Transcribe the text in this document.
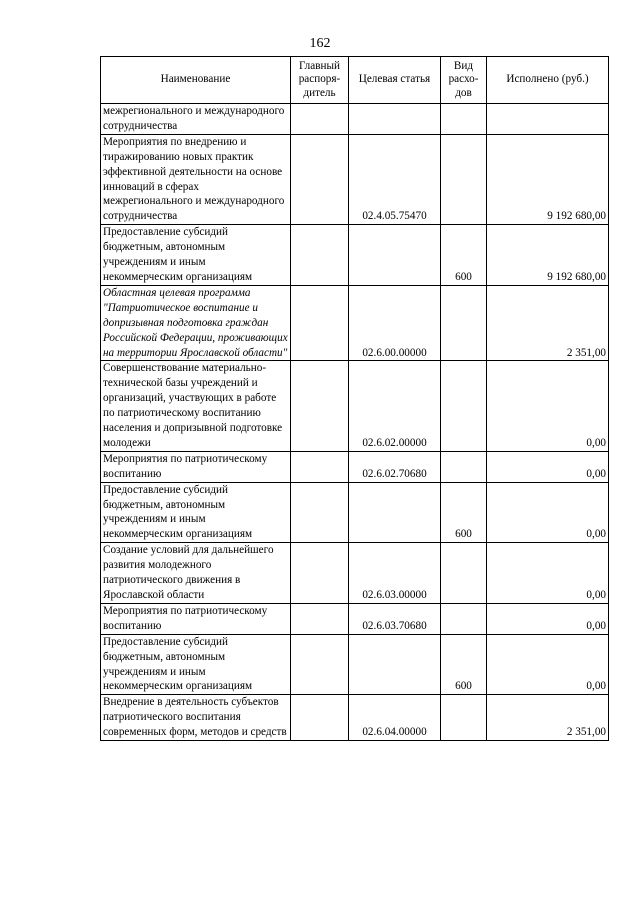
162
Наименование	Главный распоря-дитель	Целевая статья	Вид расхо-дов	Исполнено (руб.)
межрегионального и международного сотрудничества				
Мероприятия по внедрению и тиражированию новых практик эффективной деятельности на основе инноваций в сферах межрегионального и международного сотрудничества		02.4.05.75470		9 192 680,00
Предоставление субсидий бюджетным, автономным учреждениям и иным некоммерческим организациям			600	9 192 680,00
Областная целевая программа "Патриотическое воспитание и допризывная подготовка граждан Российской Федерации, проживающих на территории Ярославской области"		02.6.00.00000		2 351,00
Совершенствование материально-технической базы учреждений и организаций, участвующих в работе по патриотическому воспитанию населения и допризывной подготовке молодежи		02.6.02.00000		0,00
Мероприятия по патриотическому воспитанию		02.6.02.70680		0,00
Предоставление субсидий бюджетным, автономным учреждениям и иным некоммерческим организациям			600	0,00
Создание условий для дальнейшего развития молодежного патриотического движения в Ярославской области		02.6.03.00000		0,00
Мероприятия по патриотическому воспитанию		02.6.03.70680		0,00
Предоставление субсидий бюджетным, автономным учреждениям и иным некоммерческим организациям			600	0,00
Внедрение в деятельность субъектов патриотического воспитания современных форм, методов и средств		02.6.04.00000		2 351,00
